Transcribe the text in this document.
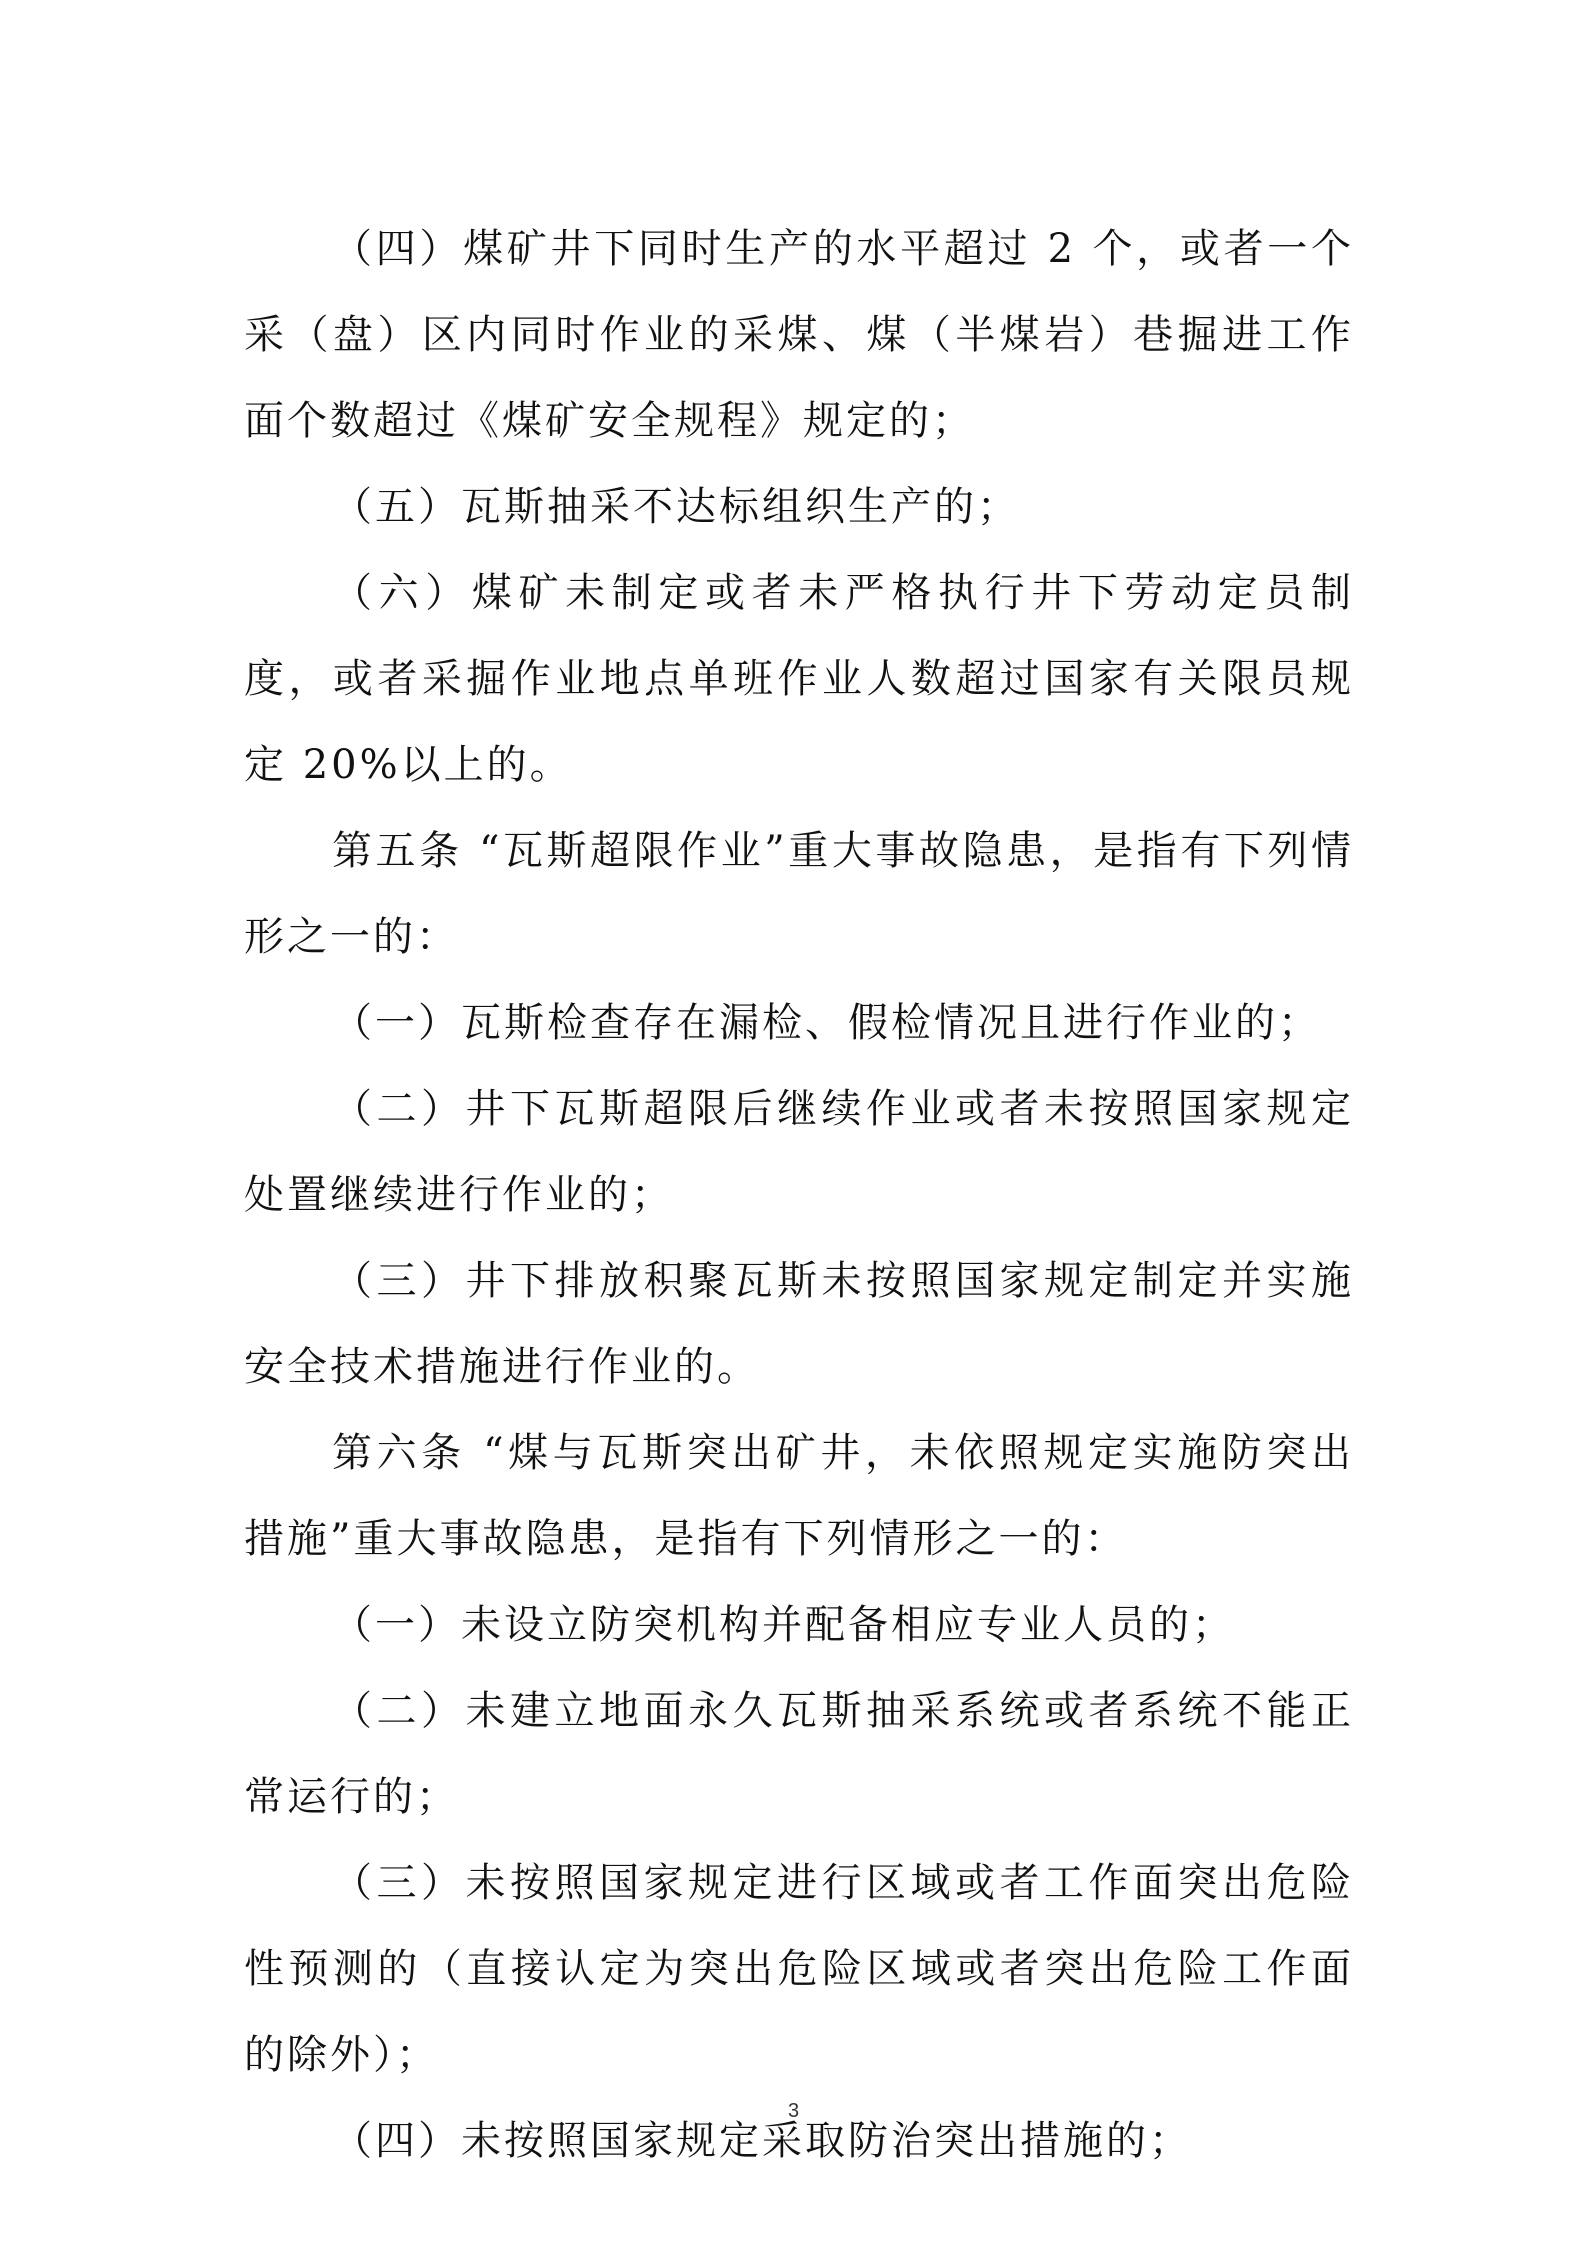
（四）煤矿井下同时生产的水平超过 2 个，或者一个采（盘）区内同时作业的采煤、煤（半煤岩）巷掘进工作面个数超过《煤矿安全规程》规定的；

（五）瓦斯抽采不达标组织生产的；

（六）煤矿未制定或者未严格执行井下劳动定员制度，或者采掘作业地点单班作业人数超过国家有关限员规定 20%以上的。

第五条 “瓦斯超限作业”重大事故隐患，是指有下列情形之一的：

（一）瓦斯检查存在漏检、假检情况且进行作业的；

（二）井下瓦斯超限后继续作业或者未按照国家规定处置继续进行作业的；

（三）井下排放积聚瓦斯未按照国家规定制定并实施安全技术措施进行作业的。

第六条 “煤与瓦斯突出矿井，未依照规定实施防突出措施”重大事故隐患，是指有下列情形之一的：

（一）未设立防突机构并配备相应专业人员的；

（二）未建立地面永久瓦斯抽采系统或者系统不能正常运行的；

（三）未按照国家规定进行区域或者工作面突出危险性预测的（直接认定为突出危险区域或者突出危险工作面的除外）；

（四）未按照国家规定采取防治突出措施的；

3
